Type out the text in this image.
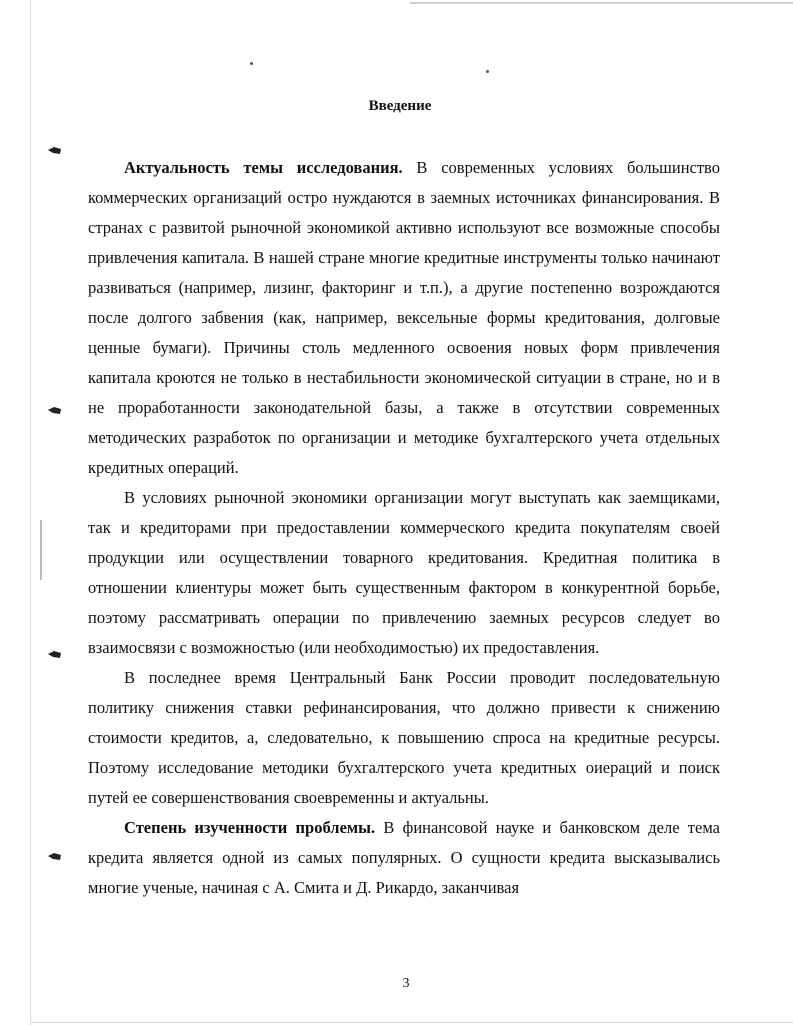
Введение

Актуальность темы исследования. В современных условиях большинство коммерческих организаций остро нуждаются в заемных источниках финансирования. В странах с развитой рыночной экономикой активно используют все возможные способы привлечения капитала. В нашей стране многие кредитные инструменты только начинают развиваться (например, лизинг, факторинг и т.п.), а другие постепенно возрождаются после долгого забвения (как, например, вексельные формы кредитования, долговые ценные бумаги). Причины столь медленного освоения новых форм привлечения капитала кроются не только в нестабильности экономической ситуации в стране, но и в не проработанности законодательной базы, а также в отсутствии современных методических разработок по организации и методике бухгалтерского учета отдельных кредитных операций.

В условиях рыночной экономики организации могут выступать как заемщиками, так и кредиторами при предоставлении коммерческого кредита покупателям своей продукции или осуществлении товарного кредитования. Кредитная политика в отношении клиентуры может быть существенным фактором в конкурентной борьбе, поэтому рассматривать операции по привлечению заемных ресурсов следует во взаимосвязи с возможностью (или необходимостью) их предоставления.

В последнее время Центральный Банк России проводит последовательную политику снижения ставки рефинансирования, что должно привести к снижению стоимости кредитов, а, следовательно, к повышению спроса на кредитные ресурсы. Поэтому исследование методики бухгалтерского учета кредитных оиераций и поиск путей ее совершенствования своевременны и актуальны.

Степень изученности проблемы. В финансовой науке и банковском деле тема кредита является одной из самых популярных. О сущности кредита высказывались многие ученые, начиная с А. Смита и Д. Рикардо, заканчивая

3
